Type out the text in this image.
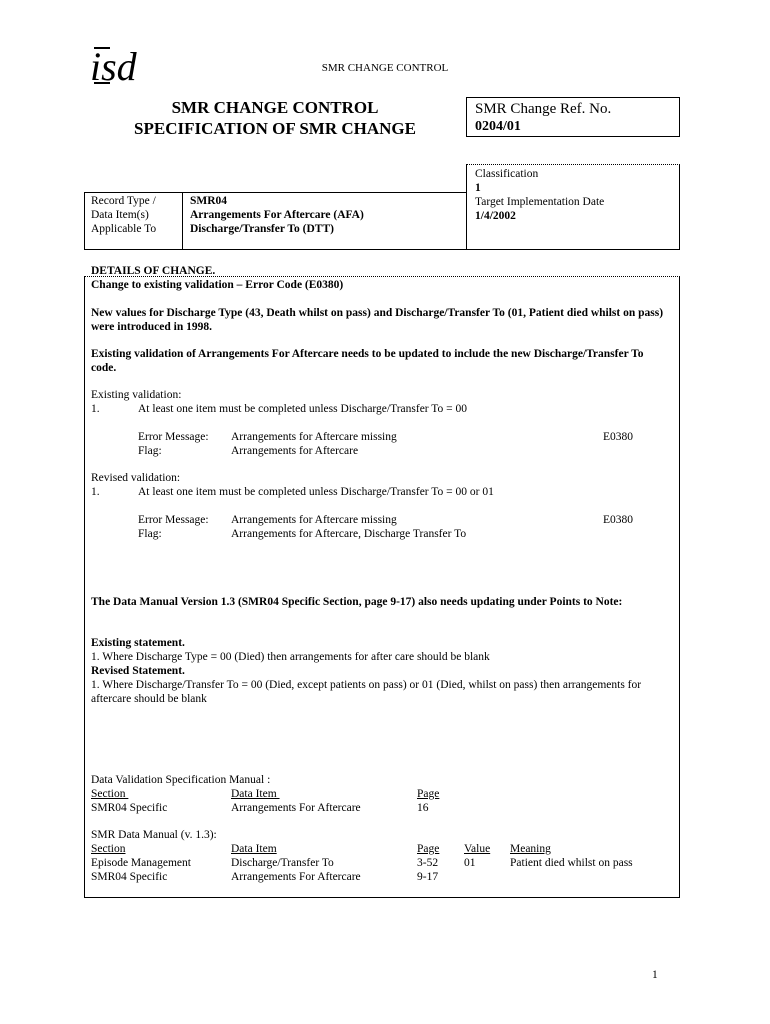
isd	SMR CHANGE CONTROL
SMR CHANGE CONTROL
SPECIFICATION OF SMR CHANGE
SMR Change Ref. No.
0204/01
Classification
1
Target Implementation Date
1/4/2002
Record Type /
Data Item(s)
Applicable To
SMR04
Arrangements For Aftercare (AFA)
Discharge/Transfer To (DTT)
DETAILS OF CHANGE.
Change to existing validation – Error Code (E0380)
New values for Discharge Type (43, Death whilst on pass) and Discharge/Transfer To (01, Patient died whilst on pass) were introduced in 1998.
Existing validation of Arrangements For Aftercare needs to be updated to include the new Discharge/Transfer To code.
Existing validation:
1.	At least one item must be completed unless Discharge/Transfer To = 00
Error Message: Arrangements for Aftercare missing	E0380
Flag:	Arrangements for Aftercare
Revised validation:
1.	At least one item must be completed unless Discharge/Transfer To = 00 or 01
Error Message: Arrangements for Aftercare missing	E0380
Flag:	Arrangements for Aftercare, Discharge Transfer To
The Data Manual Version 1.3 (SMR04 Specific Section, page 9-17) also needs updating under Points to Note:
Existing statement.
1. Where Discharge Type = 00 (Died) then arrangements for after care should be blank
Revised Statement.
1. Where Discharge/Transfer To = 00 (Died, except patients on pass) or 01 (Died, whilst on pass) then arrangements for aftercare should be blank
Data Validation Specification Manual :
Section	Data Item	Page
SMR04 Specific	Arrangements For Aftercare	16
SMR Data Manual (v. 1.3):
Section	Data Item	Page Value Meaning
Episode Management	Discharge/Transfer To	3-52 01	Patient died whilst on pass
SMR04 Specific	Arrangements For Aftercare	9-17
1
